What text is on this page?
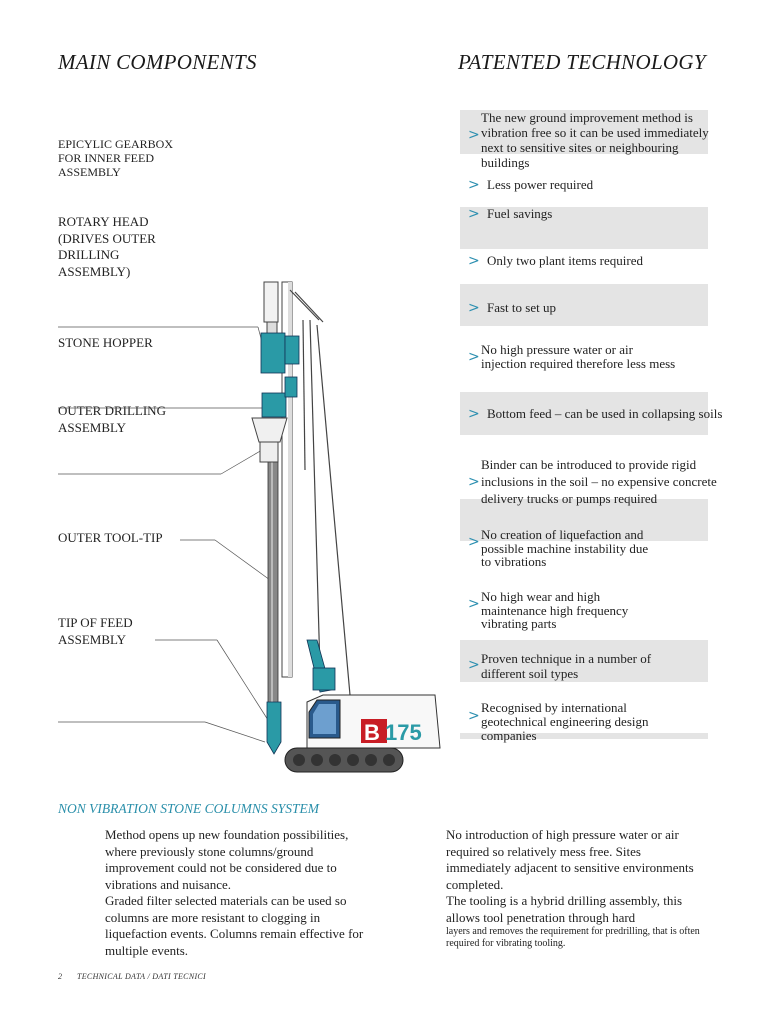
MAIN COMPONENTS	PATENTED TECHNOLOGY
EPICYLIC GEARBOX FOR INNER FEED ASSEMBLY
ROTARY HEAD (DRIVES OUTER DRILLING ASSEMBLY)
STONE HOPPER
OUTER DRILLING ASSEMBLY
OUTER TOOL-TIP
TIP OF FEED ASSEMBLY
B 175
>
The new ground improvement method is vibration free so it can be used immediately next to sensitive sites or neighbouring buildings
> Less power required
> Fuel savings
> Only two plant items required
> Fast to set up
> No high pressure water or air injection required therefore less mess
> Bottom feed – can be used in collapsing soils
>
Binder can be introduced to provide rigid inclusions in the soil – no expensive concrete delivery trucks or pumps required
> No creation of liquefaction and possible machine instability due to vibrations
> No high wear and high maintenance high frequency vibrating parts
> Proven technique in a number of different soil types
>
Recognised by international geotechnical engineering design companies
NON VIBRATION STONE COLUMNS SYSTEM
Method opens up new foundation possibilities, where previously stone columns/ground improvement could not be considered due to vibrations and nuisance.
Graded filter selected materials can be used so columns are more resistant to clogging in liquefaction events. Columns remain effective for multiple events.
No introduction of high pressure water or air required so relatively mess free. Sites immediately adjacent to sensitive environments completed.
The tooling is a hybrid drilling assembly, this allows tool penetration through hard
layers and removes the requirement for predrilling, that is often required for vibrating tooling.
2 TECHNICAL DATA / DATI TECNICI
